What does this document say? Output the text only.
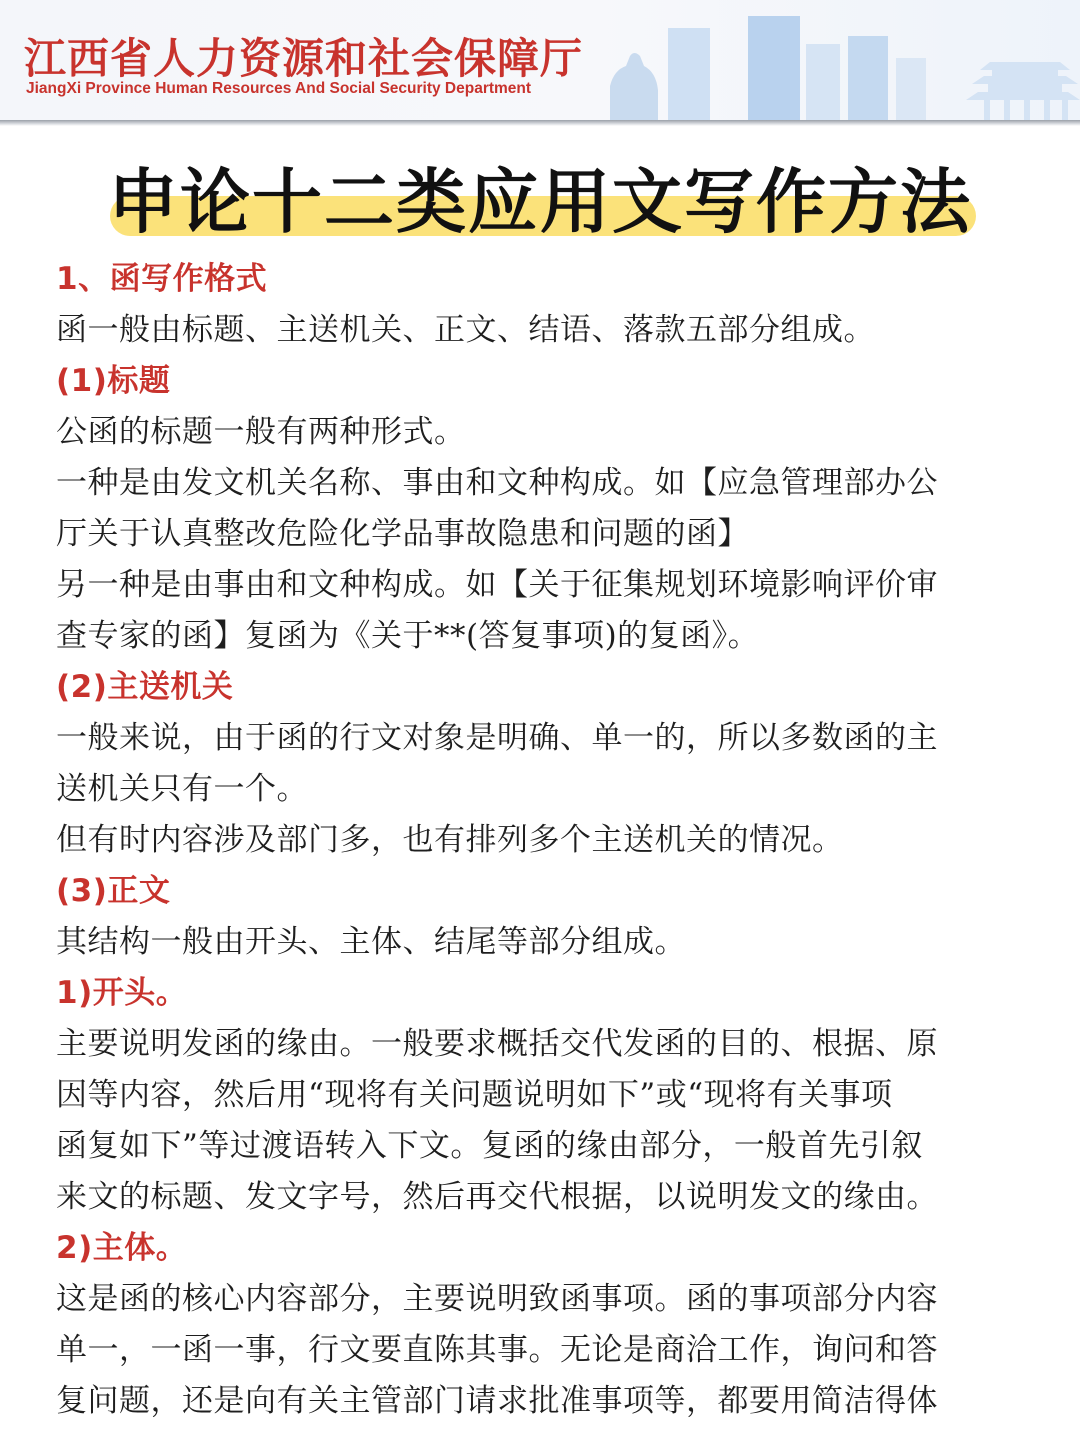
江西省人力资源和社会保障厅
JiangXi Province Human Resources And Social Security Department
申论十二类应用文写作方法
1、函写作格式
函一般由标题、主送机关、正文、结语、落款五部分组成。
(1)标题
公函的标题一般有两种形式。
一种是由发文机关名称、事由和文种构成。如【应急管理部办公
厅关于认真整改危险化学品事故隐患和问题的函】
另一种是由事由和文种构成。如【关于征集规划环境影响评价审
查专家的函】复函为《关于**(答复事项)的复函》。
(2)主送机关
一般来说，由于函的行文对象是明确、单一的，所以多数函的主
送机关只有一个。
但有时内容涉及部门多，也有排列多个主送机关的情况。
(3)正文
其结构一般由开头、主体、结尾等部分组成。
1)开头。
主要说明发函的缘由。一般要求概括交代发函的目的、根据、原
因等内容，然后用“现将有关问题说明如下”或“现将有关事项
函复如下”等过渡语转入下文。复函的缘由部分，一般首先引叙
来文的标题、发文字号，然后再交代根据，以说明发文的缘由。
2)主体。
这是函的核心内容部分，主要说明致函事项。函的事项部分内容
单一，一函一事，行文要直陈其事。无论是商洽工作，询问和答
复问题，还是向有关主管部门请求批准事项等，都要用简洁得体
